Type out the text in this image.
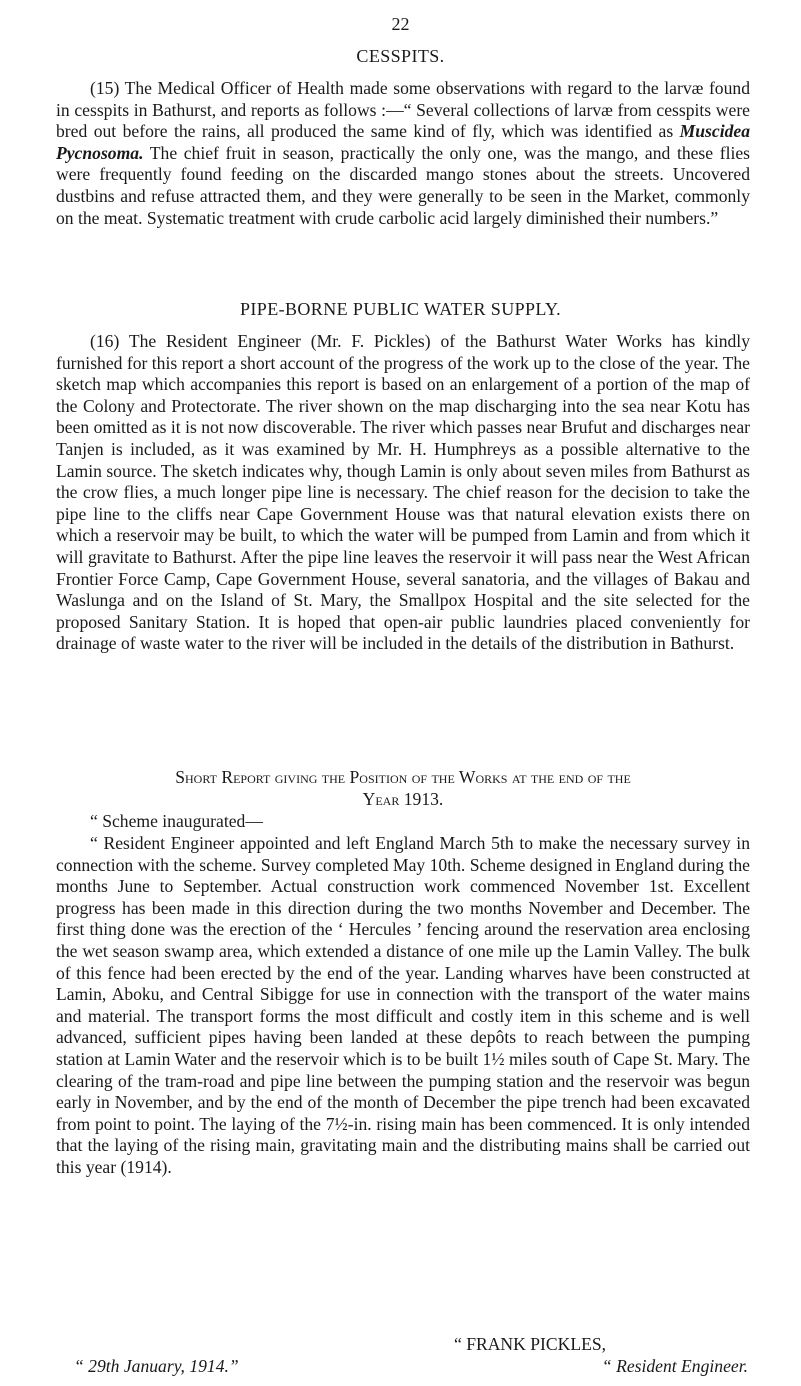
22
CESSPITS.
(15) The Medical Officer of Health made some observations with regard to the larvæ found in cesspits in Bathurst, and reports as follows :—“ Several collections of larvæ from cesspits were bred out before the rains, all produced the same kind of fly, which was identified as Muscidea Pycnosoma. The chief fruit in season, practically the only one, was the mango, and these flies were frequently found feeding on the discarded mango stones about the streets. Uncovered dustbins and refuse attracted them, and they were generally to be seen in the Market, commonly on the meat. Systematic treatment with crude carbolic acid largely diminished their numbers.”
PIPE-BORNE PUBLIC WATER SUPPLY.
(16) The Resident Engineer (Mr. F. Pickles) of the Bathurst Water Works has kindly furnished for this report a short account of the progress of the work up to the close of the year. The sketch map which accompanies this report is based on an enlargement of a portion of the map of the Colony and Protectorate. The river shown on the map discharging into the sea near Kotu has been omitted as it is not now discoverable. The river which passes near Brufut and discharges near Tanjen is included, as it was examined by Mr. H. Humphreys as a possible alternative to the Lamin source. The sketch indicates why, though Lamin is only about seven miles from Bathurst as the crow flies, a much longer pipe line is necessary. The chief reason for the decision to take the pipe line to the cliffs near Cape Government House was that natural elevation exists there on which a reservoir may be built, to which the water will be pumped from Lamin and from which it will gravitate to Bathurst. After the pipe line leaves the reservoir it will pass near the West African Frontier Force Camp, Cape Government House, several sanatoria, and the villages of Bakau and Waslunga and on the Island of St. Mary, the Smallpox Hospital and the site selected for the proposed Sanitary Station. It is hoped that open-air public laundries placed conveniently for drainage of waste water to the river will be included in the details of the distribution in Bathurst.
Short Report giving the Position of the Works at the end of the
Year 1913.
“ Scheme inaugurated—
“ Resident Engineer appointed and left England March 5th to make the necessary survey in connection with the scheme. Survey completed May 10th. Scheme designed in England during the months June to September. Actual construction work commenced November 1st. Excellent progress has been made in this direction during the two months November and December. The first thing done was the erection of the ‘ Hercules ’ fencing around the reservation area enclosing the wet season swamp area, which extended a distance of one mile up the Lamin Valley. The bulk of this fence had been erected by the end of the year. Landing wharves have been constructed at Lamin, Aboku, and Central Sibigge for use in connection with the transport of the water mains and material. The transport forms the most difficult and costly item in this scheme and is well advanced, sufficient pipes having been landed at these depôts to reach between the pumping station at Lamin Water and the reservoir which is to be built 1½ miles south of Cape St. Mary. The clearing of the tram-road and pipe line between the pumping station and the reservoir was begun early in November, and by the end of the month of December the pipe trench had been excavated from point to point. The laying of the 7½-in. rising main has been commenced. It is only intended that the laying of the rising main, gravitating main and the distributing mains shall be carried out this year (1914).
“ 29th January, 1914.”	“ Resident Engineer.
“ FRANK PICKLES,
